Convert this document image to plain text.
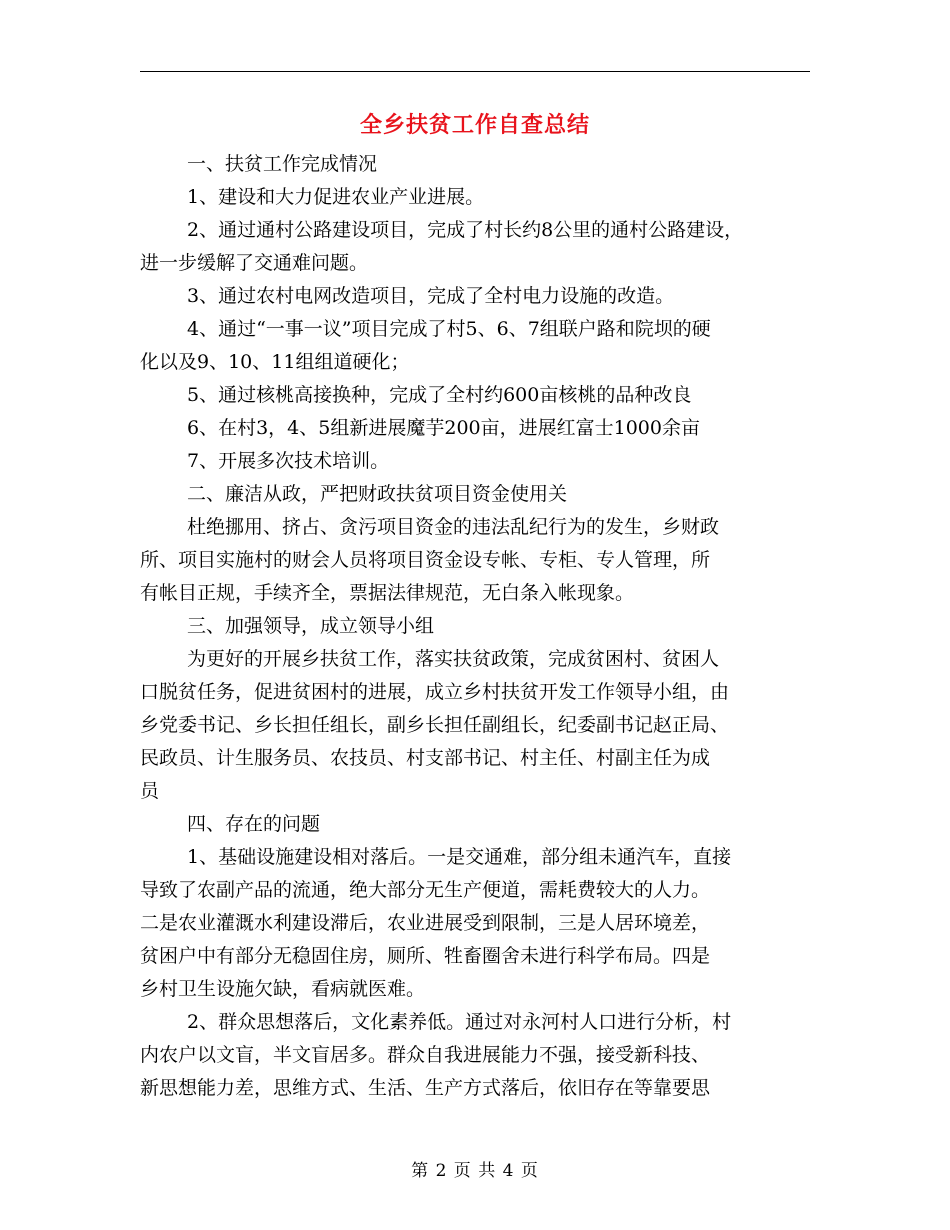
全乡扶贫工作自查总结

一、扶贫工作完成情况

1、建设和大力促进农业产业进展。

2、通过通村公路建设项目，完成了村长约8公里的通村公路建设，

进一步缓解了交通难问题。

3、通过农村电网改造项目，完成了全村电力设施的改造。

4、通过“一事一议”项目完成了村5、6、7组联户路和院坝的硬

化以及9、10、11组组道硬化；

5、通过核桃高接换种，完成了全村约600亩核桃的品种改良

6、在村3，4、5组新进展魔芋200亩，进展红富士1000余亩

7、开展多次技术培训。

二、廉洁从政，严把财政扶贫项目资金使用关

杜绝挪用、挤占、贪污项目资金的违法乱纪行为的发生，乡财政

所、项目实施村的财会人员将项目资金设专帐、专柜、专人管理，所

有帐目正规，手续齐全，票据法律规范，无白条入帐现象。

三、加强领导，成立领导小组

为更好的开展乡扶贫工作，落实扶贫政策，完成贫困村、贫困人

口脱贫任务，促进贫困村的进展，成立乡村扶贫开发工作领导小组，由

乡党委书记、乡长担任组长，副乡长担任副组长，纪委副书记赵正局、

民政员、计生服务员、农技员、村支部书记、村主任、村副主任为成

员

四、存在的问题

1、基础设施建设相对落后。一是交通难，部分组未通汽车，直接

导致了农副产品的流通，绝大部分无生产便道，需耗费较大的人力。

二是农业灌溉水利建设滞后，农业进展受到限制，三是人居环境差，

贫困户中有部分无稳固住房，厕所、牲畜圈舍未进行科学布局。四是

乡村卫生设施欠缺，看病就医难。

2、群众思想落后，文化素养低。通过对永河村人口进行分析，村

内农户以文盲，半文盲居多。群众自我进展能力不强，接受新科技、

新思想能力差，思维方式、生活、生产方式落后，依旧存在等靠要思

第 2 页 共 4 页
